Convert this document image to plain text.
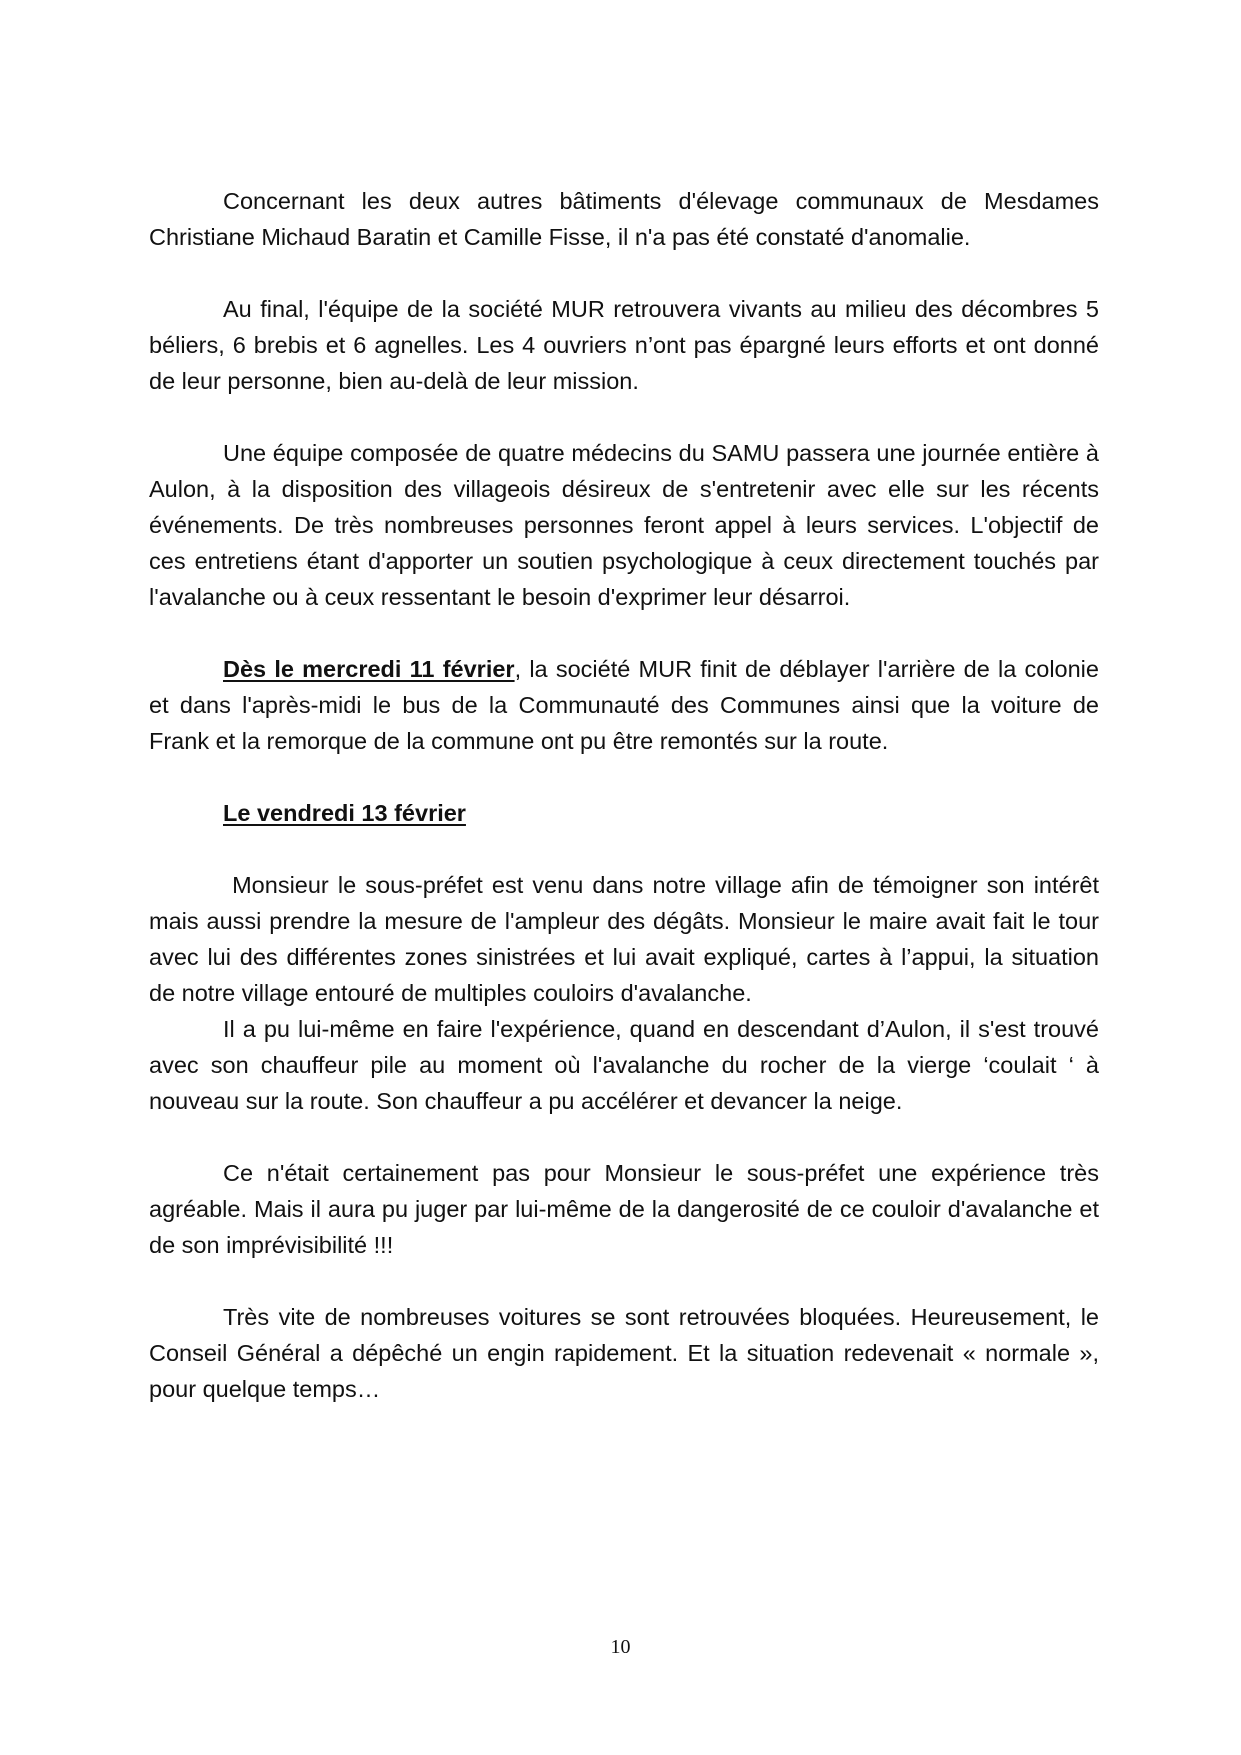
Concernant les deux autres bâtiments d'élevage communaux de Mesdames Christiane Michaud Baratin et Camille Fisse, il n'a pas été constaté d'anomalie.

Au final, l'équipe de la société MUR retrouvera vivants au milieu des décombres 5 béliers, 6 brebis et 6 agnelles. Les 4 ouvriers n’ont pas épargné leurs efforts et ont donné de leur personne, bien au-delà de leur mission.

Une équipe composée de quatre médecins du SAMU passera une journée entière à Aulon, à la disposition des villageois désireux de s'entretenir avec elle sur les récents événements. De très nombreuses personnes feront appel à leurs services. L'objectif de ces entretiens étant d'apporter un soutien psychologique à ceux directement touchés par l'avalanche ou à ceux ressentant le besoin d'exprimer leur désarroi.

Dès le mercredi 11 février, la société MUR finit de déblayer l'arrière de la colonie et dans l'après-midi le bus de la Communauté des Communes ainsi que la voiture de Frank et la remorque de la commune ont pu être remontés sur la route.

Le vendredi 13 février

Monsieur le sous-préfet est venu dans notre village afin de témoigner son intérêt mais aussi prendre la mesure de l'ampleur des dégâts. Monsieur le maire avait fait le tour avec lui des différentes zones sinistrées et lui avait expliqué, cartes à l’appui, la situation de notre village entouré de multiples couloirs d'avalanche.

Il a pu lui-même en faire l'expérience, quand en descendant d’Aulon, il s'est trouvé avec son chauffeur pile au moment où l'avalanche du rocher de la vierge ‘coulait ‘ à nouveau sur la route. Son chauffeur a pu accélérer et devancer la neige.

Ce n'était certainement pas pour Monsieur le sous-préfet une expérience très agréable. Mais il aura pu juger par lui-même de la dangerosité de ce couloir d'avalanche et de son imprévisibilité !!!

Très vite de nombreuses voitures se sont retrouvées bloquées. Heureusement, le Conseil Général a dépêché un engin rapidement. Et la situation redevenait « normale », pour quelque temps…

10
